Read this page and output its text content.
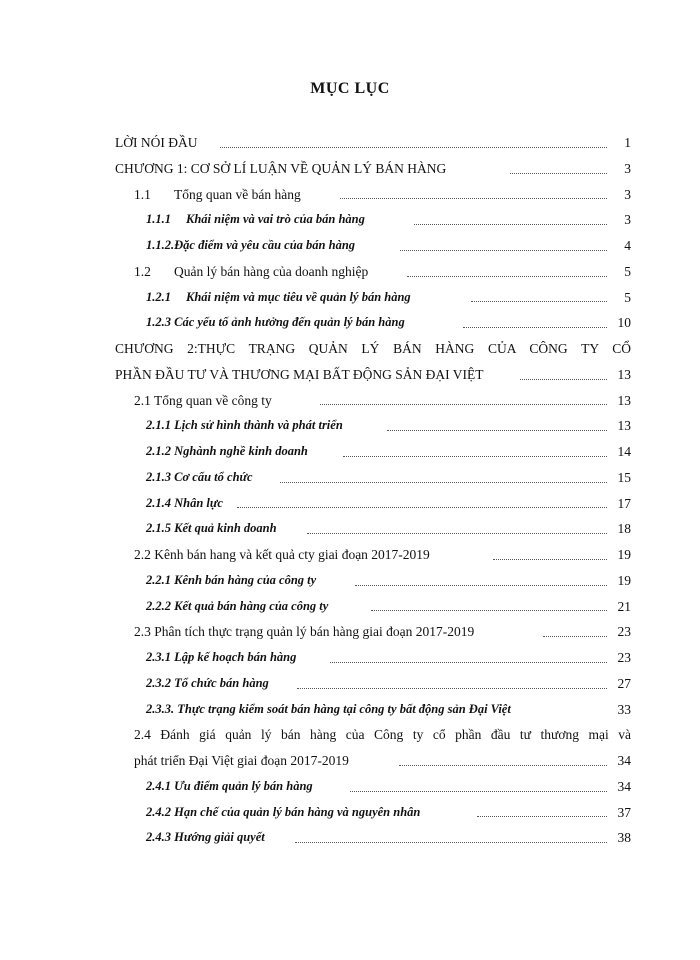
MỤC LỤC
LỜI NÓI ĐẦU	1
CHƯƠNG 1: CƠ SỞ LÍ LUẬN VỀ QUẢN LÝ BÁN HÀNG	3
1.1 Tổng quan về bán hàng	3
1.1.1 Khái niệm và vai trò của bán hàng	3
1.1.2.Đặc điểm và yêu cầu của bán hàng	4
1.2 Quản lý bán hàng của doanh nghiệp	5
1.2.1 Khái niệm và mục tiêu về quản lý bán hàng	5
1.2.3 Các yếu tố ảnh hưởng đến quản lý bán hàng	10
CHƯƠNG 2:THỰC TRẠNG QUẢN LÝ BÁN HÀNG CỦA CÔNG TY CỔ
PHẦN ĐẦU TƯ VÀ THƯƠNG MẠI BẤT ĐỘNG SẢN ĐẠI VIỆT	13
2.1 Tổng quan về công ty	13
2.1.1 Lịch sử hình thành và phát triển	13
2.1.2 Nghành nghề kinh doanh	14
2.1.3 Cơ cấu tổ chức	15
2.1.4 Nhân lực	17
2.1.5 Kết quả kinh doanh	18
2.2 Kênh bán hang và kết quả cty giai đoạn 2017-2019	19
2.2.1 Kênh bán hàng của công ty	19
2.2.2 Kết quả bán hàng của công ty	21
2.3 Phân tích thực trạng quản lý bán hàng giai đoạn 2017-2019	23
2.3.1 Lập kế hoạch bán hàng	23
2.3.2 Tổ chức bán hàng	27
2.3.3. Thực trạng kiểm soát bán hàng tại công ty bất động sản Đại Việt	33
2.4 Đánh giá quản lý bán hàng của Công ty cổ phần đầu tư thương mại và
phát triển Đại Việt giai đoạn 2017-2019	34
2.4.1 Ưu điểm quản lý bán hàng	34
2.4.2 Hạn chế của quản lý bán hàng và nguyên nhân	37
2.4.3 Hướng giải quyết	38
